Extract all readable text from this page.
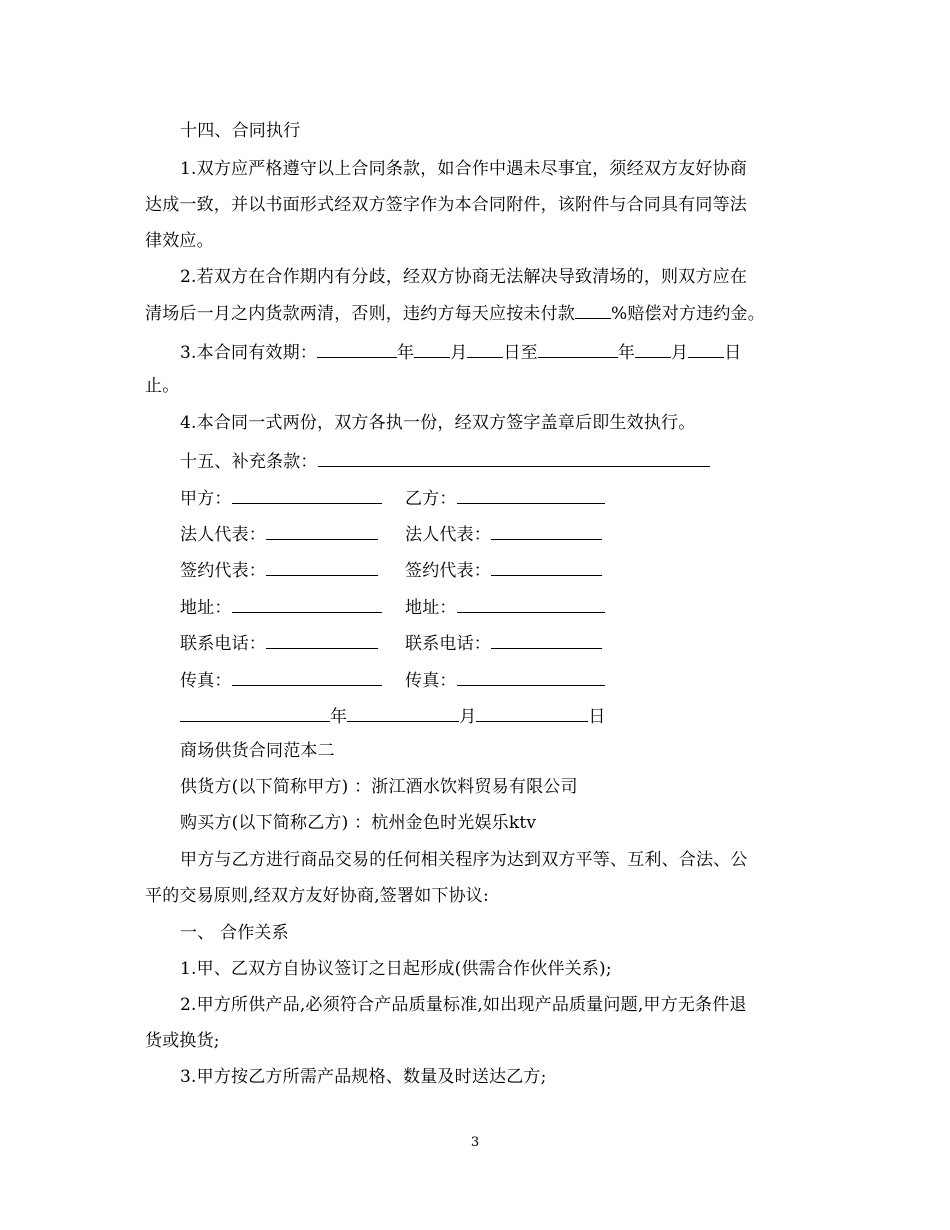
十四、合同执行
1.双方应严格遵守以上合同条款，如合作中遇未尽事宜，须经双方友好协商
达成一致，并以书面形式经双方签字作为本合同附件，该附件与合同具有同等法
律效应。
2.若双方在合作期内有分歧，经双方协商无法解决导致清场的，则双方应在
清场后一月之内货款两清，否则，违约方每天应按未付款 %赔偿对方违约金。
3.本合同有效期：	年 月 日至	年 月 日
止。
4.本合同一式两份，双方各执一份，经双方签字盖章后即生效执行。
十五、补充条款：
甲方：	乙方：
法人代表：	法人代表：
签约代表：	签约代表：
地址：	地址：
联系电话：	联系电话：
传真：	传真：
年	月	日
商场供货合同范本二
供货方(以下简称甲方) ：浙江酒水饮料贸易有限公司
购买方(以下简称乙方) ：杭州金色时光娱乐ktv
甲方与乙方进行商品交易的任何相关程序为达到双方平等、互利、合法、公
平的交易原则,经双方友好协商,签署如下协议:
一、 合作关系
1.甲、乙双方自协议签订之日起形成(供需合作伙伴关系);
2.甲方所供产品,必须符合产品质量标准,如出现产品质量问题,甲方无条件退
货或换货;
3.甲方按乙方所需产品规格、数量及时送达乙方;
3
